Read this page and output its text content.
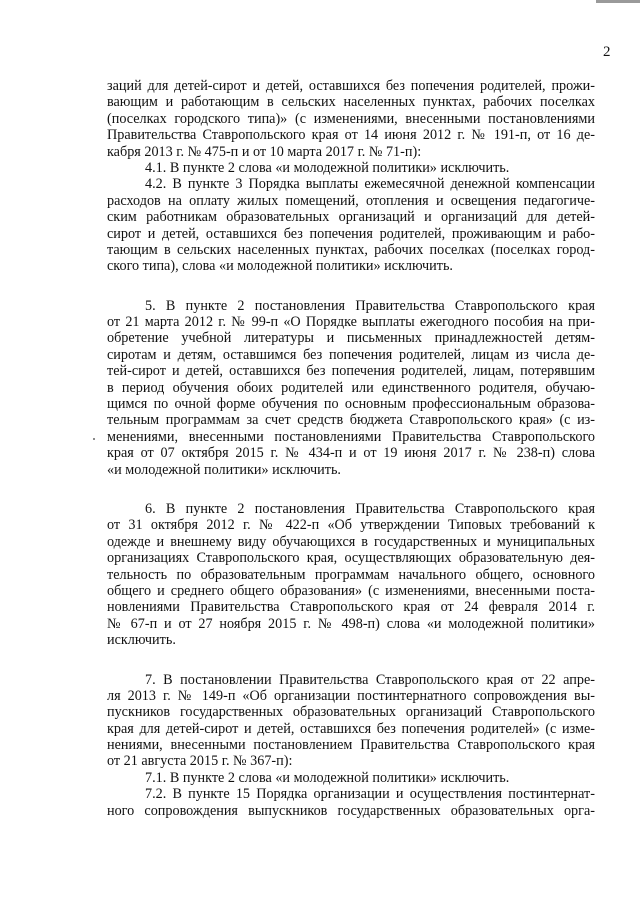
2
заций для детей-сирот и детей, оставшихся без попечения родителей, прожи-
вающим и работающим в сельских населенных пунктах, рабочих поселках
(поселках городского типа)» (с изменениями, внесенными постановлениями
Правительства Ставропольского края от 14 июня 2012 г. № 191-п, от 16 де-
кабря 2013 г. № 475-п и от 10 марта 2017 г. № 71-п):
4.1. В пункте 2 слова «и молодежной политики» исключить.
4.2. В пункте 3 Порядка выплаты ежемесячной денежной компенсации
расходов на оплату жилых помещений, отопления и освещения педагогиче-
ским работникам образовательных организаций и организаций для детей-
сирот и детей, оставшихся без попечения родителей, проживающим и рабо-
тающим в сельских населенных пунктах, рабочих поселках (поселках город-
ского типа), слова «и молодежной политики» исключить.
5. В пункте 2 постановления Правительства Ставропольского края
от 21 марта 2012 г. № 99-п «О Порядке выплаты ежегодного пособия на при-
обретение учебной литературы и письменных принадлежностей детям-
сиротам и детям, оставшимся без попечения родителей, лицам из числа де-
тей-сирот и детей, оставшихся без попечения родителей, лицам, потерявшим
в период обучения обоих родителей или единственного родителя, обучаю-
щимся по очной форме обучения по основным профессиональным образова-
тельным программам за счет средств бюджета Ставропольского края» (с из-
менениями, внесенными постановлениями Правительства Ставропольского
края от 07 октября 2015 г. № 434-п и от 19 июня 2017 г. № 238-п) слова
«и молодежной политики» исключить.
6. В пункте 2 постановления Правительства Ставропольского края
от 31 октября 2012 г. № 422-п «Об утверждении Типовых требований к
одежде и внешнему виду обучающихся в государственных и муниципальных
организациях Ставропольского края, осуществляющих образовательную дея-
тельность по образовательным программам начального общего, основного
общего и среднего общего образования» (с изменениями, внесенными поста-
новлениями Правительства Ставропольского края от 24 февраля 2014 г.
№ 67-п и от 27 ноября 2015 г. № 498-п) слова «и молодежной политики»
исключить.
7. В постановлении Правительства Ставропольского края от 22 апре-
ля 2013 г. № 149-п «Об организации постинтернатного сопровождения вы-
пускников государственных образовательных организаций Ставропольского
края для детей-сирот и детей, оставшихся без попечения родителей» (с изме-
нениями, внесенными постановлением Правительства Ставропольского края
от 21 августа 2015 г. № 367-п):
7.1. В пункте 2 слова «и молодежной политики» исключить.
7.2. В пункте 15 Порядка организации и осуществления постинтернат-
ного сопровождения выпускников государственных образовательных орга-
